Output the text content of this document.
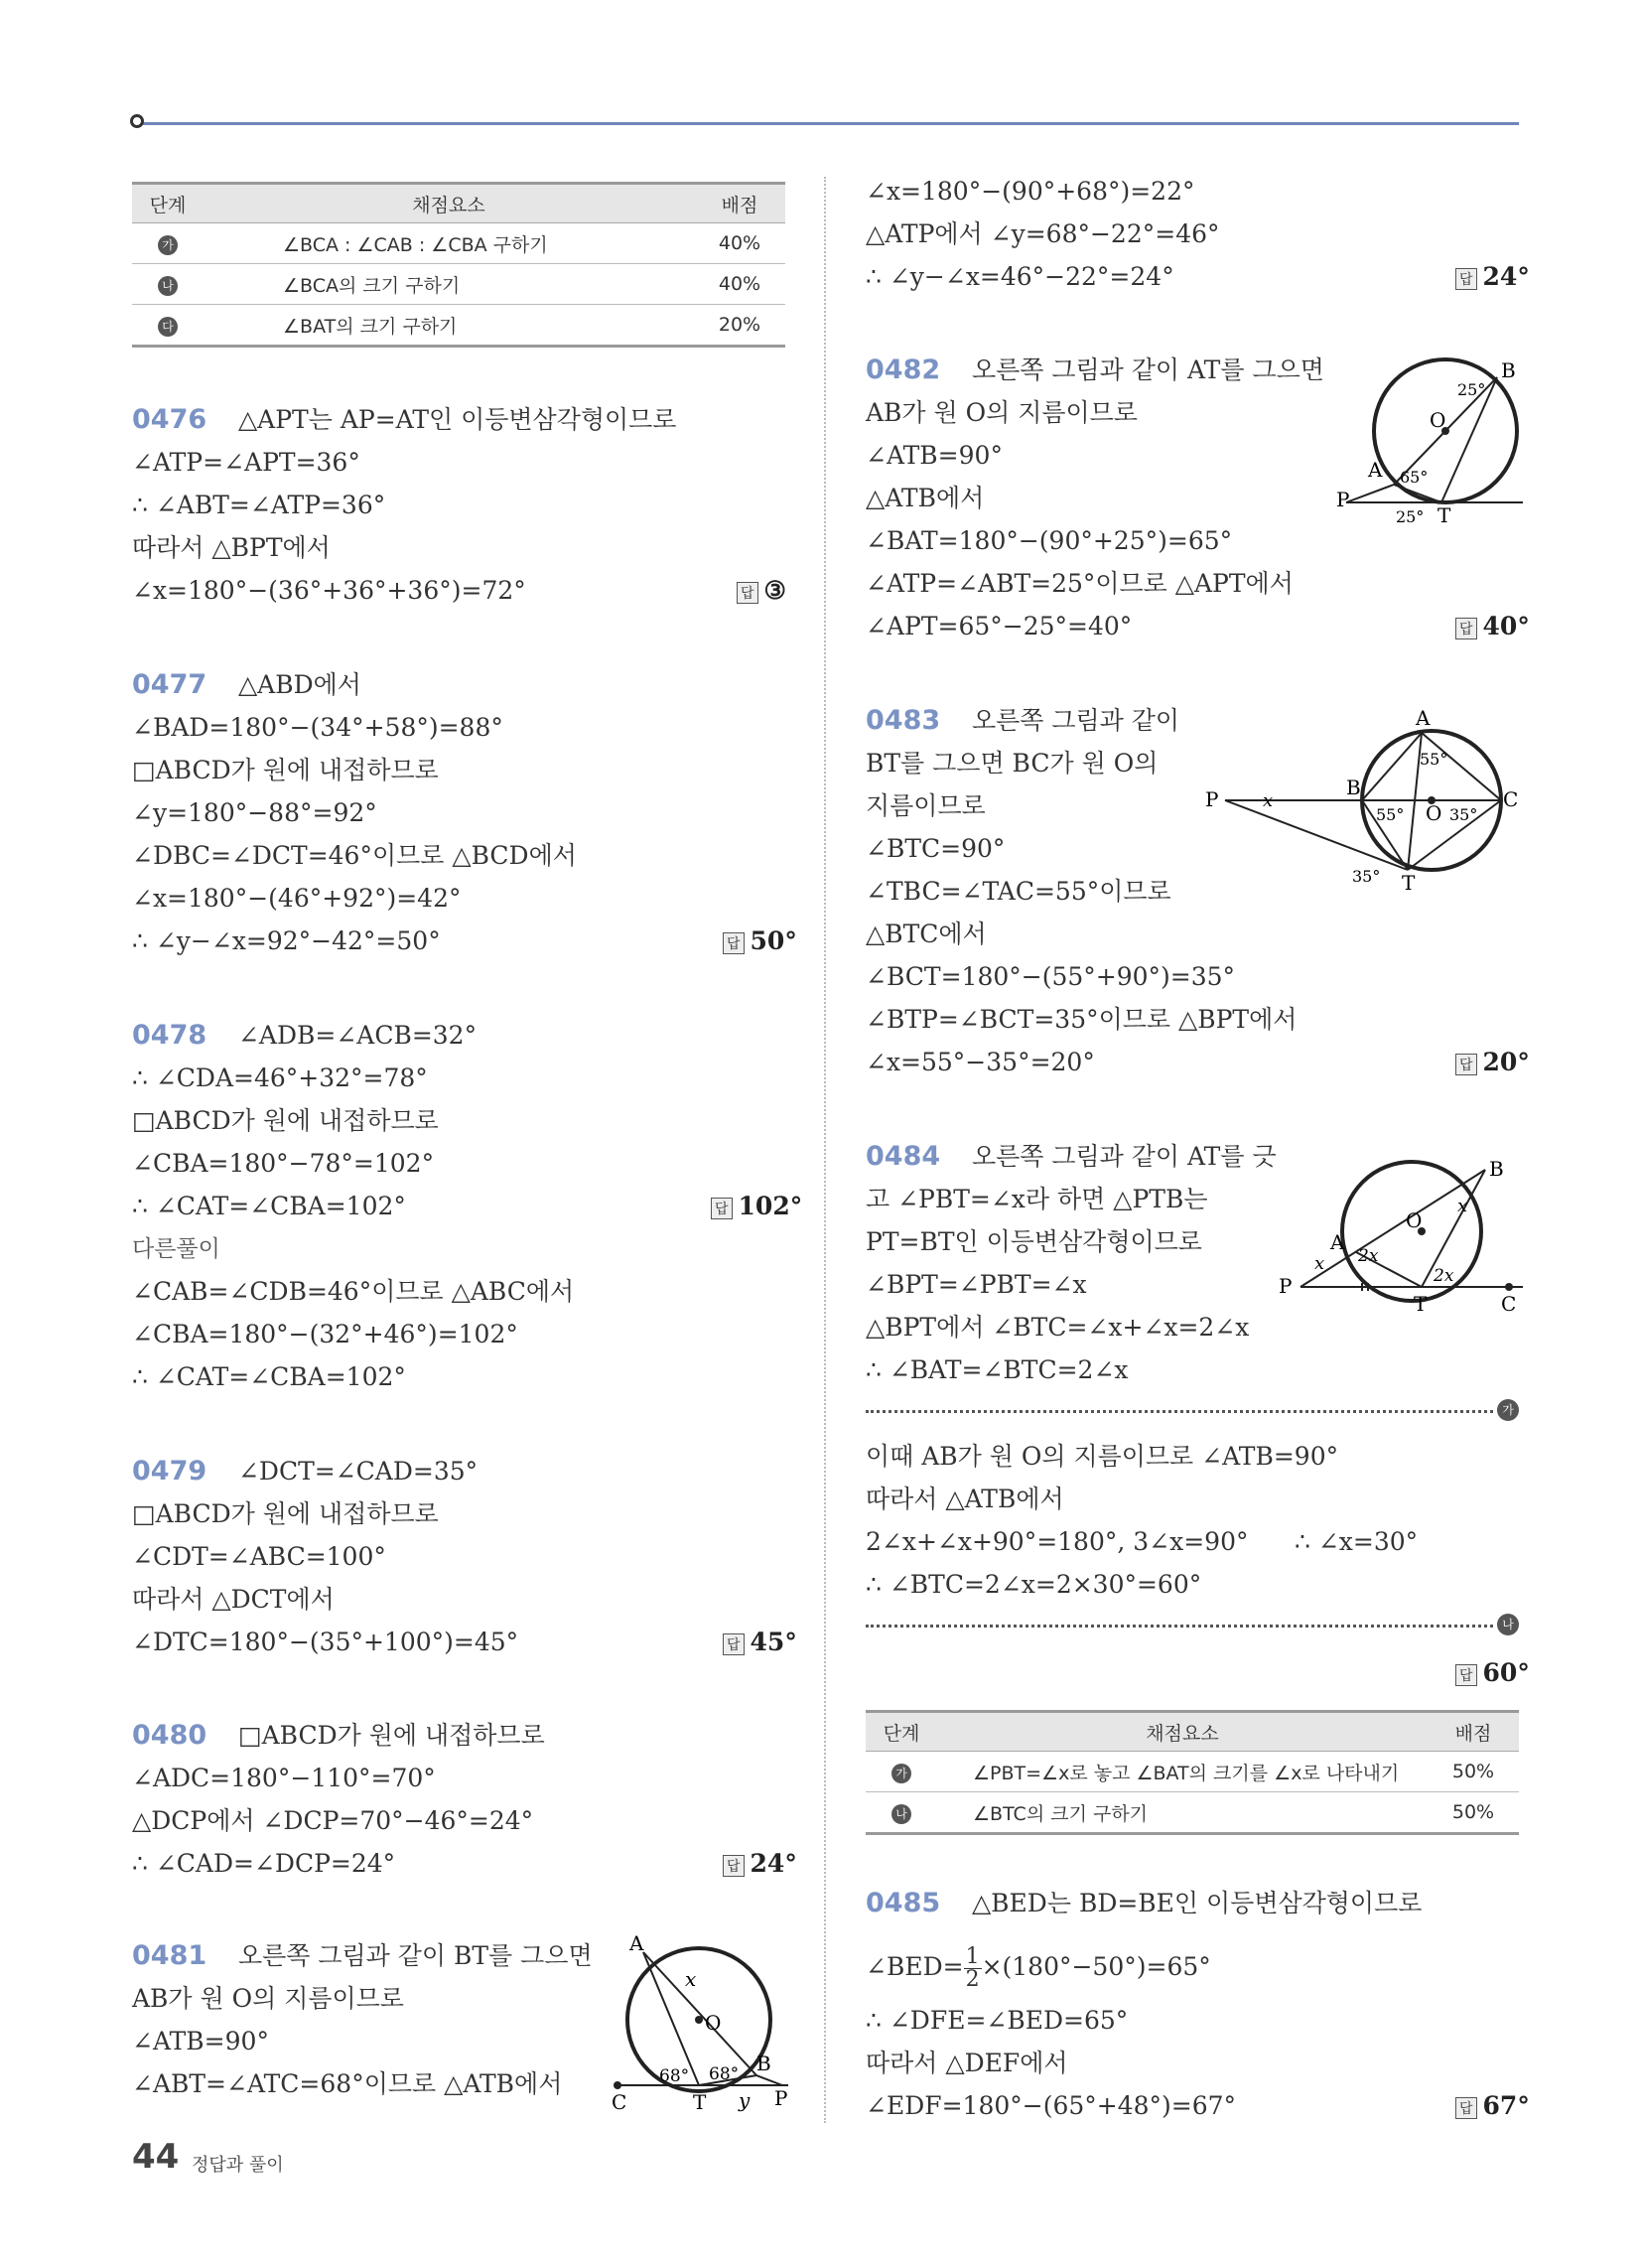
단계	채점요소	배점
가	∠BCA : ∠CAB : ∠CBA 구하기	40%
나	∠BCA의 크기 구하기	40%
다	∠BAT의 크기 구하기	20%
0476 △APT는 AP=AT인 이등변삼각형이므로
∠ATP=∠APT=36°
∴ ∠ABT=∠ATP=36°
따라서 △BPT에서
∠x=180°−(36°+36°+36°)=72°	답 ③
0477 △ABD에서
∠BAD=180°−(34°+58°)=88°
□ABCD가 원에 내접하므로
∠y=180°−88°=92°
∠DBC=∠DCT=46°이므로 △BCD에서
∠x=180°−(46°+92°)=42°
∴ ∠y−∠x=92°−42°=50°	답 50°
0478 ∠ADB=∠ACB=32°
∴ ∠CDA=46°+32°=78°
□ABCD가 원에 내접하므로
∠CBA=180°−78°=102°
∴ ∠CAT=∠CBA=102°	답 102°
다른풀이
∠CAB=∠CDB=46°이므로 △ABC에서
∠CBA=180°−(32°+46°)=102°
∴ ∠CAT=∠CBA=102°
0479 ∠DCT=∠CAD=35°
□ABCD가 원에 내접하므로
∠CDT=∠ABC=100°
따라서 △DCT에서
∠DTC=180°−(35°+100°)=45°	답 45°
0480 □ABCD가 원에 내접하므로
∠ADC=180°−110°=70°
△DCP에서 ∠DCP=70°−46°=24°
∴ ∠CAD=∠DCP=24°	답 24°
0481 오른쪽 그림과 같이 BT를 그으면
AB가 원 O의 지름이므로
∠ATB=90°
∠ABT=∠ATC=68°이므로 △ATB에서
A
O
B
C	T	P
x
y
68° 68°
∠x=180°−(90°+68°)=22°
△ATP에서 ∠y=68°−22°=46°
∴ ∠y−∠x=46°−22°=24°	답 24°
0482 오른쪽 그림과 같이 AT를 그으면
AB가 원 O의 지름이므로
∠ATB=90°
△ATB에서
∠BAT=180°−(90°+25°)=65°
∠ATP=∠ABT=25°이므로 △APT에서
∠APT=65°−25°=40°	답 40°
B
O
A
P
T
25°
65°
25°
0483 오른쪽 그림과 같이
BT를 그으면 BC가 원 O의
지름이므로
∠BTC=90°
∠TBC=∠TAC=55°이므로
△BTC에서
∠BCT=180°−(55°+90°)=35°
∠BTP=∠BCT=35°이므로 △BPT에서
∠x=55°−35°=20°	답 20°
A
B	C
O
P
T
x
55°
55°	35°
35°
0484 오른쪽 그림과 같이 AT를 긋
고 ∠PBT=∠x라 하면 △PTB는
PT=BT인 이등변삼각형이므로
∠BPT=∠PBT=∠x
△BPT에서 ∠BTC=∠x+∠x=2∠x
∴ ∠BAT=∠BTC=2∠x
B
O
A
P
T	C
x
x
2x
2x
가
이때 AB가 원 O의 지름이므로 ∠ATB=90°
따라서 △ATB에서
2∠x+∠x+90°=180°, 3∠x=90° ∴ ∠x=30°
∴ ∠BTC=2∠x=2×30°=60°
나
답 60°
단계	채점요소	배점
가	∠PBT=∠x로 놓고 ∠BAT의 크기를 ∠x로 나타내기	50%
나	∠BTC의 크기 구하기	50%
0485 △BED는 BD=BE인 이등변삼각형이므로
∠BED= $\frac{1}{2} \times(180^\circ-50^\circ)=65^\circ$
∴ ∠DFE=∠BED=65°
따라서 △DEF에서
∠EDF=180°−(65°+48°)=67°	답 67°
44 정답과 풀이
